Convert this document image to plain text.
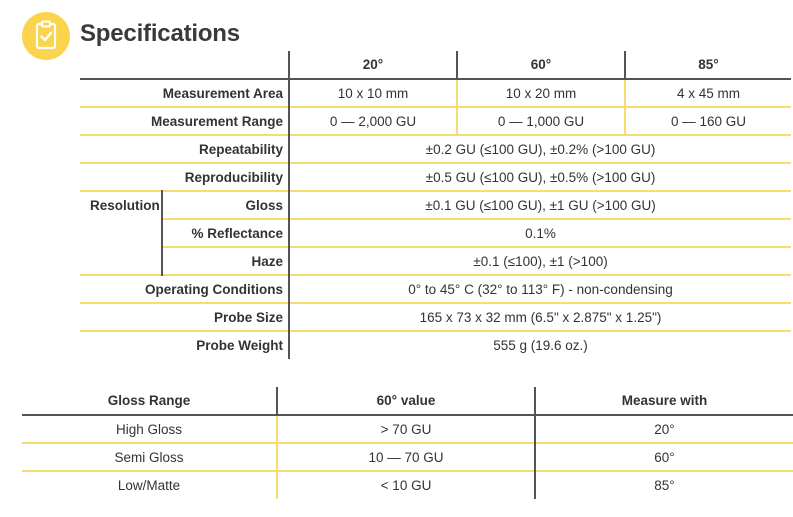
Specifications
		20°	60°	85°
Measurement Area		10 x 10 mm	10 x 20 mm	4 x 45 mm
Measurement Range		0 — 2,000 GU	0 — 1,000 GU	0 — 160 GU
Repeatability		±0.2 GU (≤100 GU), ±0.2% (>100 GU)		
Reproducibility		±0.5 GU (≤100 GU), ±0.5% (>100 GU)		
Resolution	Gloss	±0.1 GU (≤100 GU), ±1 GU (>100 GU)		
	% Reflectance	0.1%		
	Haze	±0.1 (≤100), ±1 (>100)		
Operating Conditions		0° to 45° C (32° to 113° F) - non-condensing		
Probe Size		165 x 73 x 32 mm (6.5" x 2.875" x 1.25")		
Probe Weight		555 g (19.6 oz.)		
Gloss Range	60° value	Measure with
High Gloss	> 70 GU	20°
Semi Gloss	10 — 70 GU	60°
Low/Matte	< 10 GU	85°
